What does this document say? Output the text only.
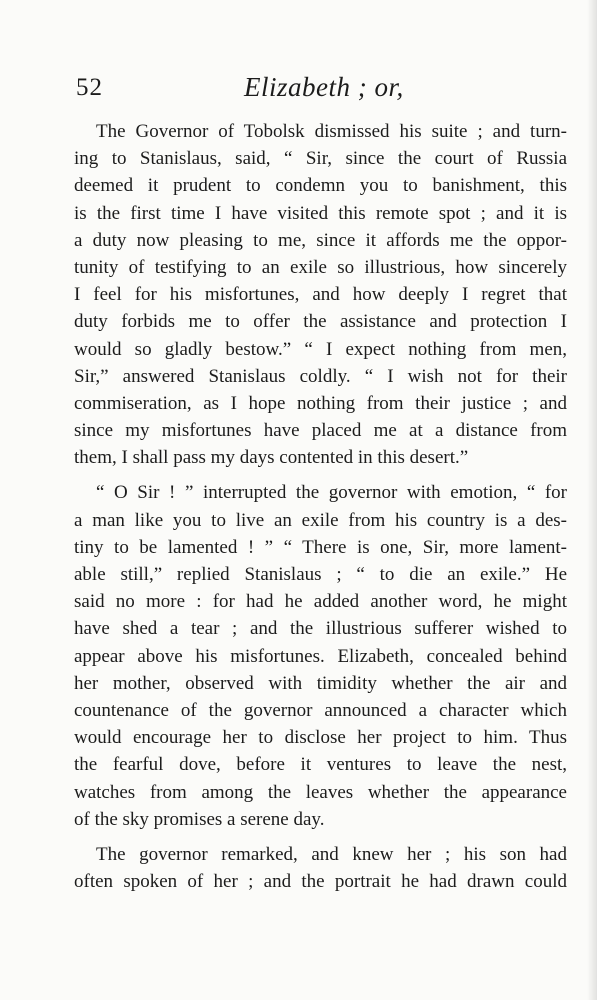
52	Elizabeth ; or,
The Governor of Tobolsk dismissed his suite ; and turn-
ing to Stanislaus, said, “ Sir, since the court of Russia
deemed it prudent to condemn you to banishment, this
is the first time I have visited this remote spot ; and it is
a duty now pleasing to me, since it affords me the oppor-
tunity of testifying to an exile so illustrious, how sincerely
I feel for his misfortunes, and how deeply I regret that
duty forbids me to offer the assistance and protection I
would so gladly bestow.” “ I expect nothing from men,
Sir,” answered Stanislaus coldly. “ I wish not for their
commiseration, as I hope nothing from their justice ; and
since my misfortunes have placed me at a distance from
them, I shall pass my days contented in this desert.”
“ O Sir ! ” interrupted the governor with emotion, “ for
a man like you to live an exile from his country is a des-
tiny to be lamented ! ” “ There is one, Sir, more lament-
able still,” replied Stanislaus ; “ to die an exile.” He
said no more : for had he added another word, he might
have shed a tear ; and the illustrious sufferer wished to
appear above his misfortunes. Elizabeth, concealed behind
her mother, observed with timidity whether the air and
countenance of the governor announced a character which
would encourage her to disclose her project to him. Thus
the fearful dove, before it ventures to leave the nest,
watches from among the leaves whether the appearance
of the sky promises a serene day.
The governor remarked, and knew her ; his son had
often spoken of her ; and the portrait he had drawn could
